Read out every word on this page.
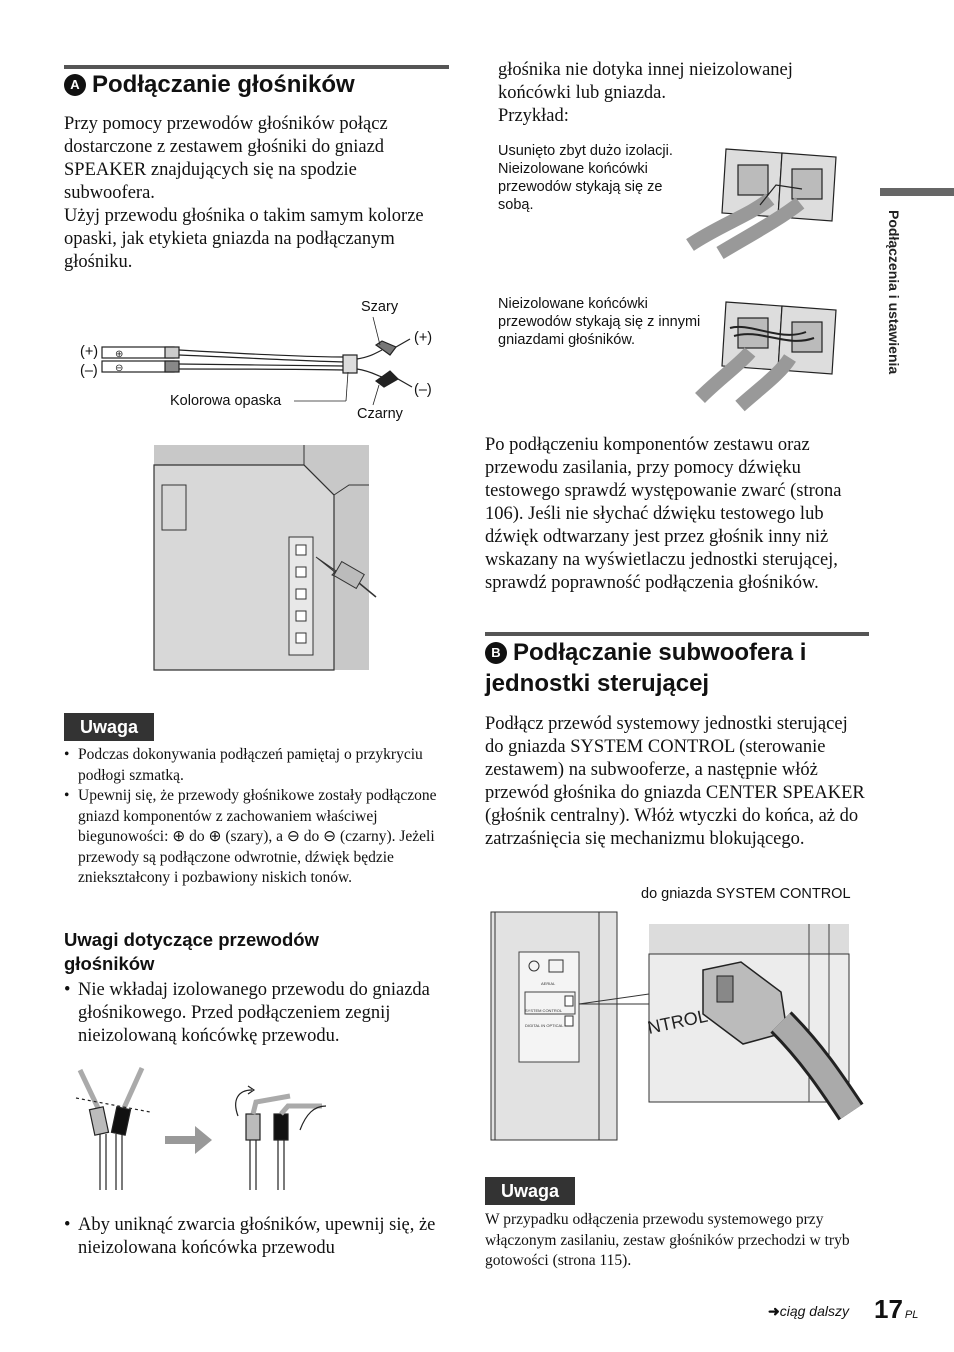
A Podłączanie głośników

Przy pomocy przewodów głośników połącz dostarczone z zestawem głośniki do gniazd SPEAKER znajdujących się na spodzie subwoofera.

Użyj przewodu głośnika o takim samym kolorze opaski, jak etykieta gniazda na podłączanym głośniku.

⊕
⊖
(+)
(–)
Szary
(+)
(–)
Kolorowa opaska
Czarny
Uwaga
• Podczas dokonywania podłączeń pamiętaj o przykryciu podłogi szmatką.
• Upewnij się, że przewody głośnikowe zostały podłączone gniazd komponentów z zachowaniem właściwej biegunowości: ⊕ do ⊕ (szary), a ⊖ do ⊖ (czarny). Jeżeli przewody są podłączone odwrotnie, dźwięk będzie zniekształcony i pozbawiony niskich tonów.
Uwagi dotyczące przewodów głośników
• Nie wkładaj izolowanego przewodu do gniazda głośnikowego. Przed podłączeniem zegnij nieizolowaną końcówkę przewodu.
• Aby uniknąć zwarcia głośników, upewnij się, że nieizolowana końcówka przewodu
głośnika nie dotyka innej nieizolowanej końcówki lub gniazda.
Przykład:
Usunięto zbyt dużo izolacji. Nieizolowane końcówki przewodów stykają się ze sobą.
Nieizolowane końcówki przewodów stykają się z innymi gniazdami głośników.
Po podłączeniu komponentów zestawu oraz przewodu zasilania, przy pomocy dźwięku testowego sprawdź występowanie zwarć (strona 106). Jeśli nie słychać dźwięku testowego lub dźwięk odtwarzany jest przez głośnik inny niż wskazany na wyświetlaczu jednostki sterującej, sprawdź poprawność podłączenia głośników.
B Podłączanie subwoofera i
jednostki sterującej
Podłącz przewód systemowy jednostki sterującej do gniazda SYSTEM CONTROL (sterowanie zestawem) na subwooferze, a następnie włóż przewód głośnika do gniazda CENTER SPEAKER (głośnik centralny). Włóż wtyczki do końca, aż do zatrzaśnięcia się mechanizmu blokującego.
do gniazda SYSTEM CONTROL
AERIAL
SYSTEM CONTROL
DIGITAL IN OPTICAL	NTROL
Uwaga
W przypadku odłączenia przewodu systemowego przy włączonym zasilaniu, zestaw głośników przechodzi w tryb gotowości (strona 115).
➜ciąg dalszy 17 PL
Podłączenia i ustawienia
